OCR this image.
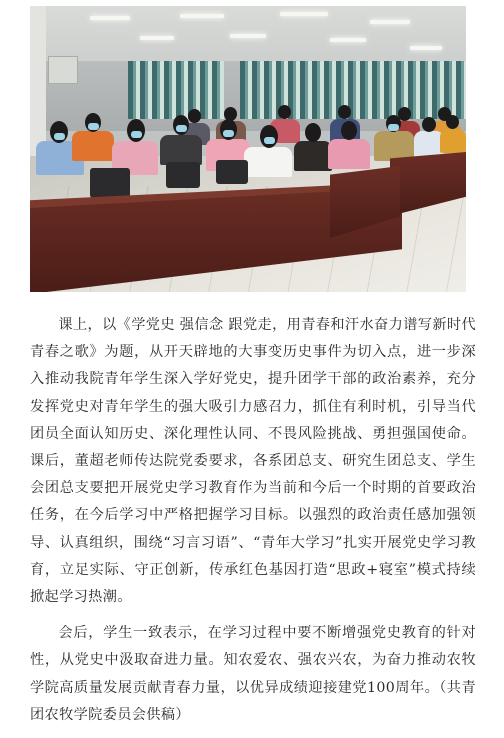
课上，以《学党史 强信念 跟党走，用青春和汗水奋力谱写新时代青春之歌》为题，从开天辟地的大事变历史事件为切入点，进一步深入推动我院青年学生深入学好党史，提升团学干部的政治素养，充分发挥党史对青年学生的强大吸引力感召力，抓住有利时机，引导当代团员全面认知历史、深化理性认同、不畏风险挑战、勇担强国使命。课后，董超老师传达院党委要求，各系团总支、研究生团总支、学生会团总支要把开展党史学习教育作为当前和今后一个时期的首要政治任务，在今后学习中严格把握学习目标。以强烈的政治责任感加强领导、认真组织，围绕“习言习语”、“青年大学习”扎实开展党史学习教育，立足实际、守正创新，传承红色基因打造“思政+寝室”模式持续掀起学习热潮。

会后，学生一致表示，在学习过程中要不断增强党史教育的针对性，从党史中汲取奋进力量。知农爱农、强农兴农，为奋力推动农牧学院高质量发展贡献青春力量，以优异成绩迎接建党100周年。（共青团农牧学院委员会供稿）
